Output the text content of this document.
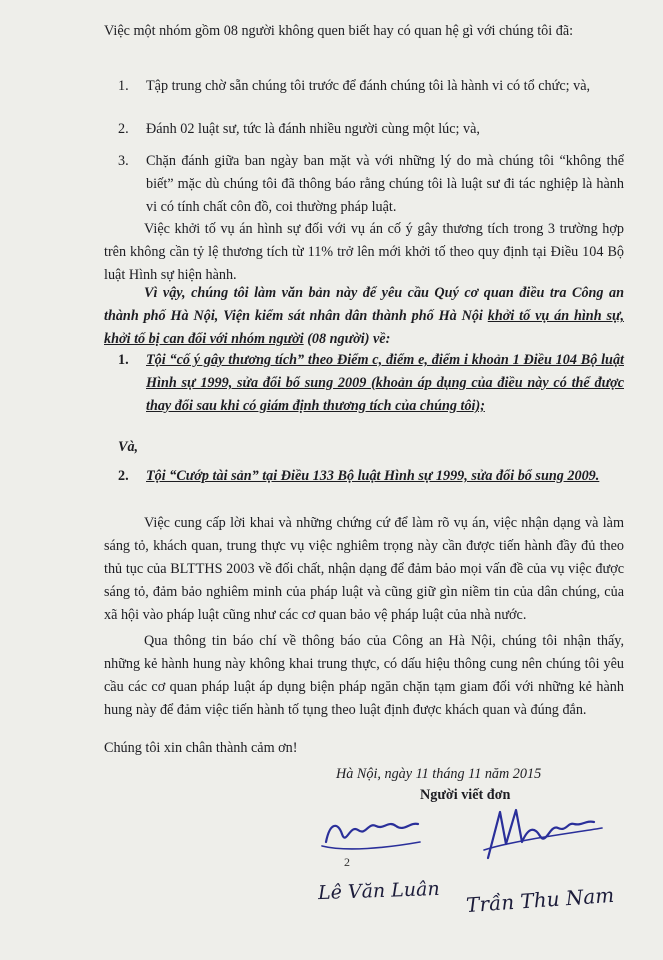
Việc một nhóm gồm 08 người không quen biết hay có quan hệ gì với chúng tôi đã:

1. Tập trung chờ sẵn chúng tôi trước để đánh chúng tôi là hành vi có tổ chức; và,

2. Đánh 02 luật sư, tức là đánh nhiều người cùng một lúc; và,

3. Chặn đánh giữa ban ngày ban mặt và với những lý do mà chúng tôi “không thể biết” mặc dù chúng tôi đã thông báo rằng chúng tôi là luật sư đi tác nghiệp là hành vi có tính chất côn đồ, coi thường pháp luật.

Việc khởi tố vụ án hình sự đối với vụ án cố ý gây thương tích trong 3 trường hợp trên không cần tỷ lệ thương tích từ 11% trở lên mới khởi tố theo quy định tại Điều 104 Bộ luật Hình sự hiện hành.

Vì vậy, chúng tôi làm văn bản này để yêu cầu Quý cơ quan điều tra Công an thành phố Hà Nội, Viện kiểm sát nhân dân thành phố Hà Nội khởi tố vụ án hình sự, khởi tố bị can đối với nhóm người (08 người) về:

1. Tội “cố ý gây thương tích” theo Điểm c, điểm e, điểm i khoản 1 Điều 104 Bộ luật Hình sự 1999, sửa đổi bổ sung 2009 (khoản áp dụng của điều này có thể được thay đổi sau khi có giám định thương tích của chúng tôi);

Và,

2. Tội “Cướp tài sản” tại Điều 133 Bộ luật Hình sự 1999, sửa đổi bổ sung 2009.

Việc cung cấp lời khai và những chứng cứ để làm rõ vụ án, việc nhận dạng và làm sáng tỏ, khách quan, trung thực vụ việc nghiêm trọng này cần được tiến hành đầy đủ theo thủ tục của BLTTHS 2003 về đối chất, nhận dạng để đảm bảo mọi vấn đề của vụ việc được sáng tỏ, đảm bảo nghiêm minh của pháp luật và cũng giữ gìn niềm tin của dân chúng, của xã hội vào pháp luật cũng như các cơ quan bảo vệ pháp luật của nhà nước.

Qua thông tin báo chí về thông báo của Công an Hà Nội, chúng tôi nhận thấy, những kẻ hành hung này không khai trung thực, có dấu hiệu thông cung nên chúng tôi yêu cầu các cơ quan pháp luật áp dụng biện pháp ngăn chặn tạm giam đối với những kẻ hành hung này để đảm việc tiến hành tố tụng theo luật định được khách quan và đúng đắn.

Chúng tôi xin chân thành cảm ơn!

Hà Nội, ngày 11 tháng 11 năm 2015

Người viết đơn

2
Lê Văn Luân Trần Thu Nam
